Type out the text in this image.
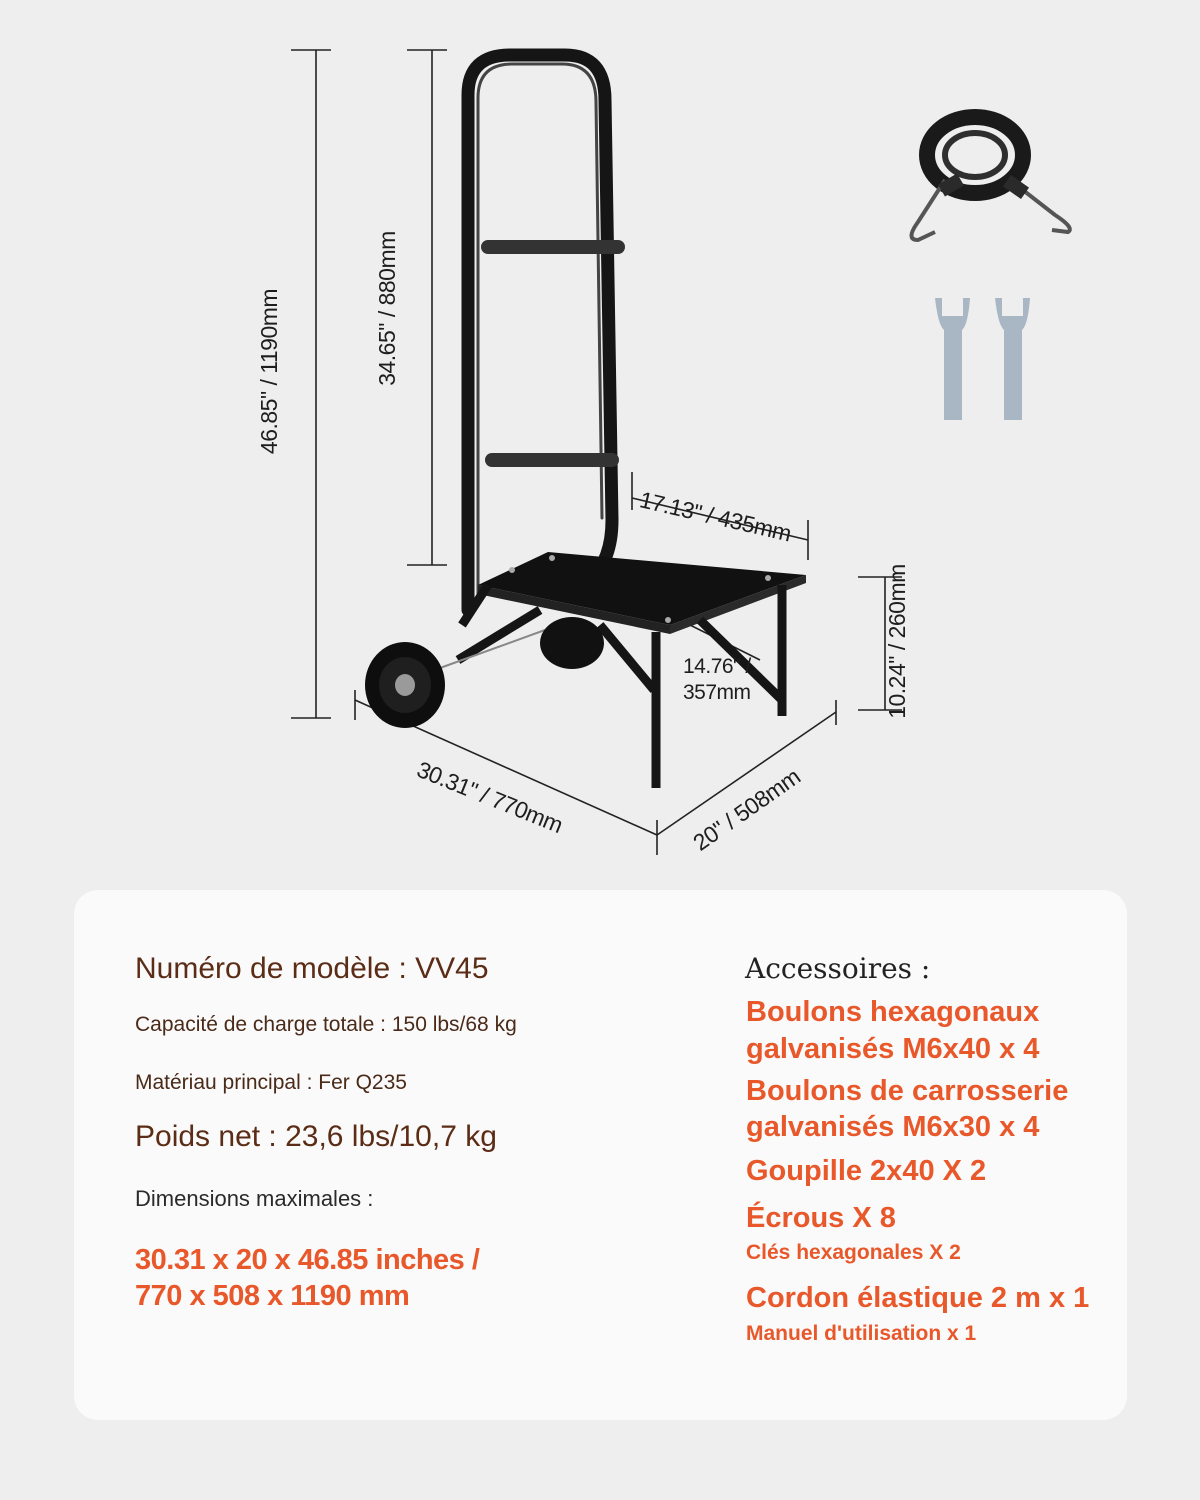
46.85" / 1190mm	34.65" / 880mm
17.13" / 435mm
10.24" / 260mm
14.76" /
357mm
30.31" / 770mm	20" / 508mm
Numéro de modèle : VV45
Capacité de charge totale : 150 lbs/68 kg
Matériau principal : Fer Q235
Poids net : 23,6 lbs/10,7 kg
Dimensions maximales :
30.31 x 20 x 46.85 inches /
770 x 508 x 1190 mm
Accessoires :
Boulons hexagonaux
galvanisés M6x40 x 4
Boulons de carrosserie
galvanisés M6x30 x 4
Goupille 2x40 X 2
Écrous X 8
Clés hexagonales X 2
Cordon élastique 2 m x 1
Manuel d'utilisation x 1
